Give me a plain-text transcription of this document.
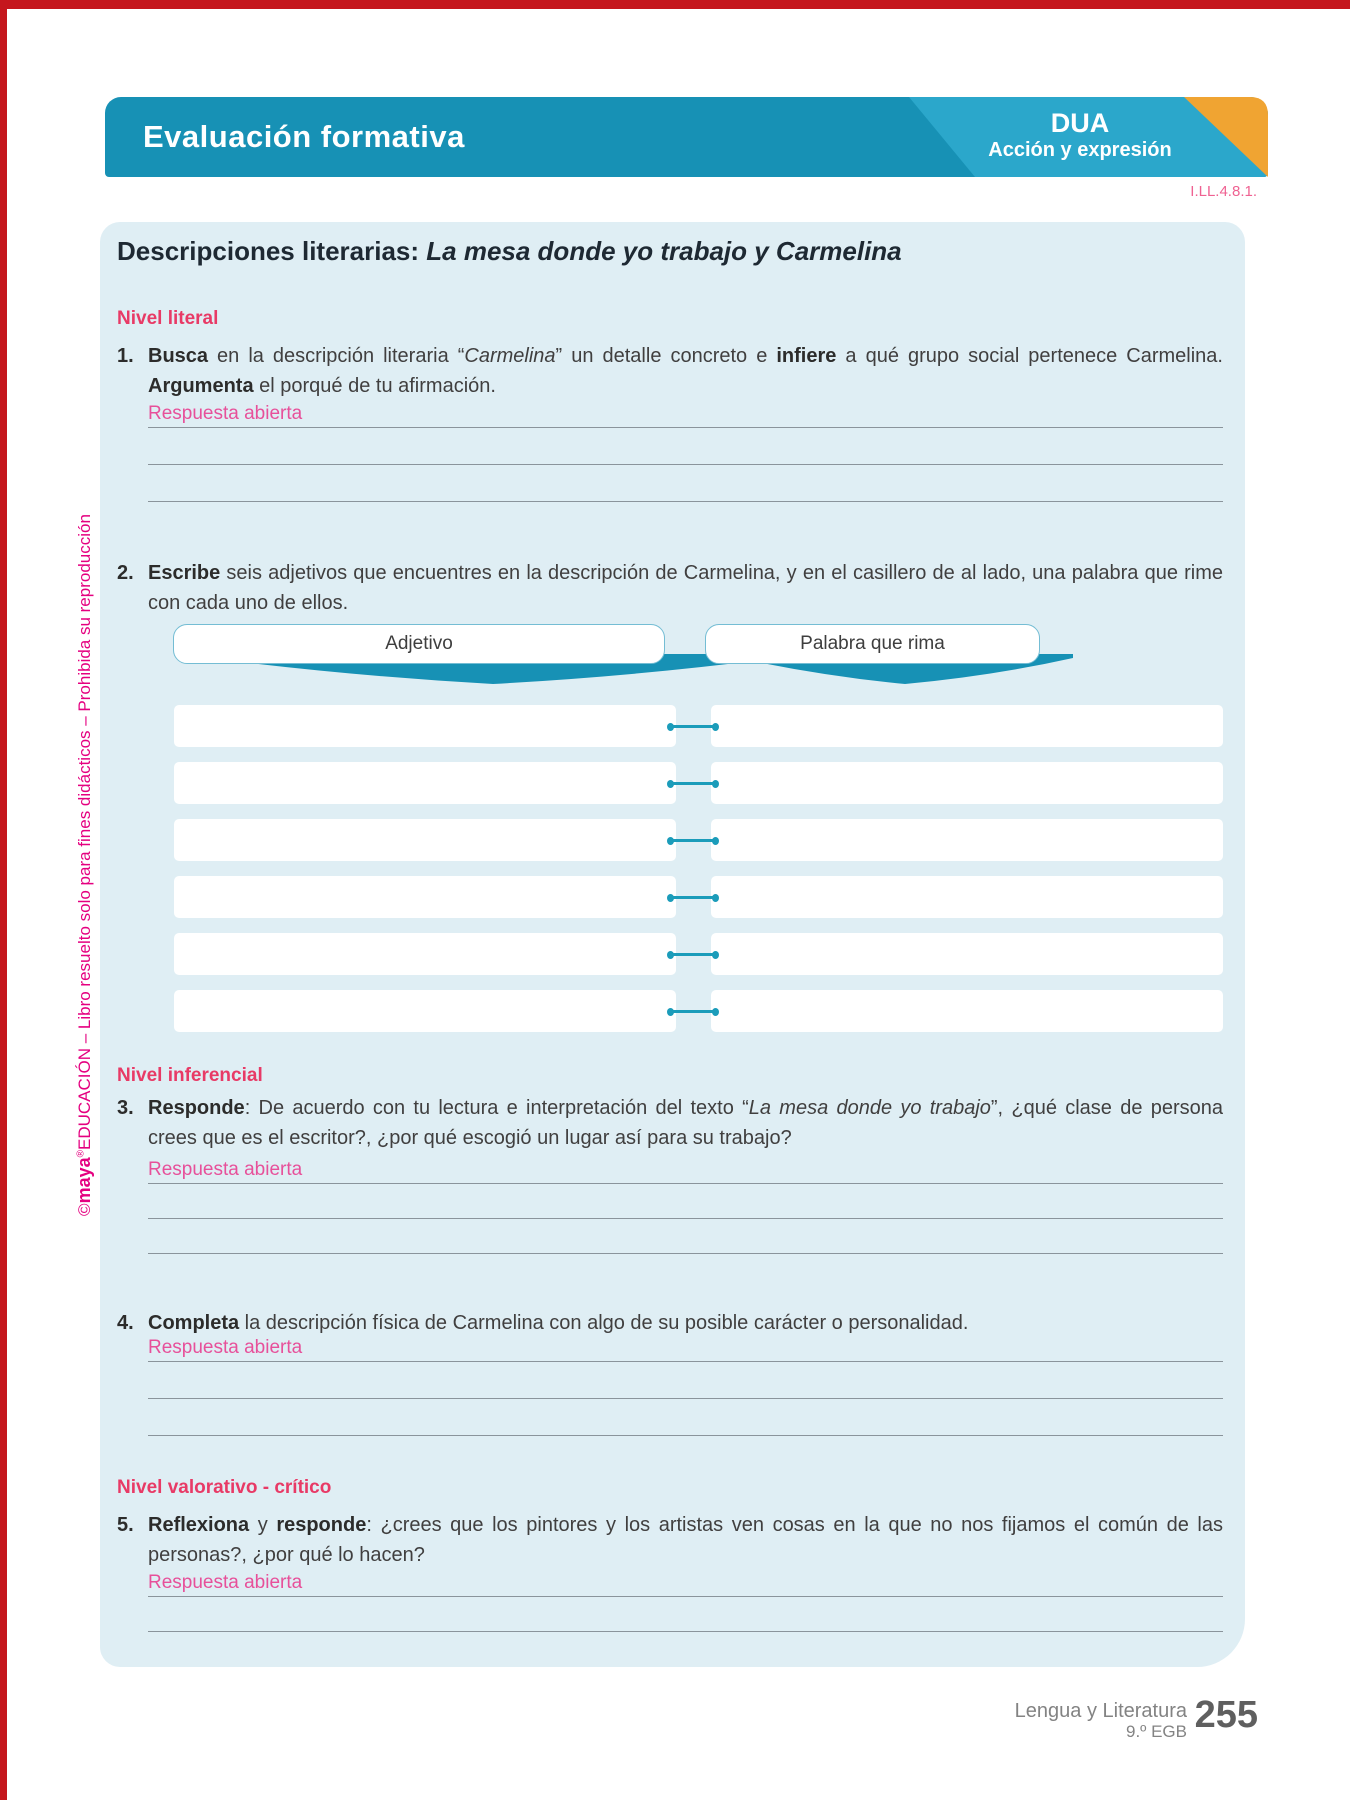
Evaluación formativa	DUA
Acción y expresión
I.LL.4.8.1.
©maya®EDUCACIÓN – Libro resuelto solo para fines didácticos – Prohibida su reproducción
Descripciones literarias: La mesa donde yo trabajo y Carmelina
Nivel literal
1. Busca en la descripción literaria “Carmelina” un detalle concreto e infiere a qué grupo social pertenece Carmelina. Argumenta el porqué de tu afirmación.
Respuesta abierta
2. Escribe seis adjetivos que encuentres en la descripción de Carmelina, y en el casillero de al lado, una palabra que rime con cada uno de ellos.
Adjetivo	Palabra que rima
Nivel inferencial
3. Responde: De acuerdo con tu lectura e interpretación del texto “La mesa donde yo trabajo”, ¿qué clase de persona crees que es el escritor?, ¿por qué escogió un lugar así para su trabajo?
Respuesta abierta
4. Completa la descripción física de Carmelina con algo de su posible carácter o personalidad.
Respuesta abierta
Nivel valorativo - crítico
5. Reflexiona y responde: ¿crees que los pintores y los artistas ven cosas en la que no nos fijamos el común de las personas?, ¿por qué lo hacen?
Respuesta abierta
Lengua y Literatura
9.º EGB 255
